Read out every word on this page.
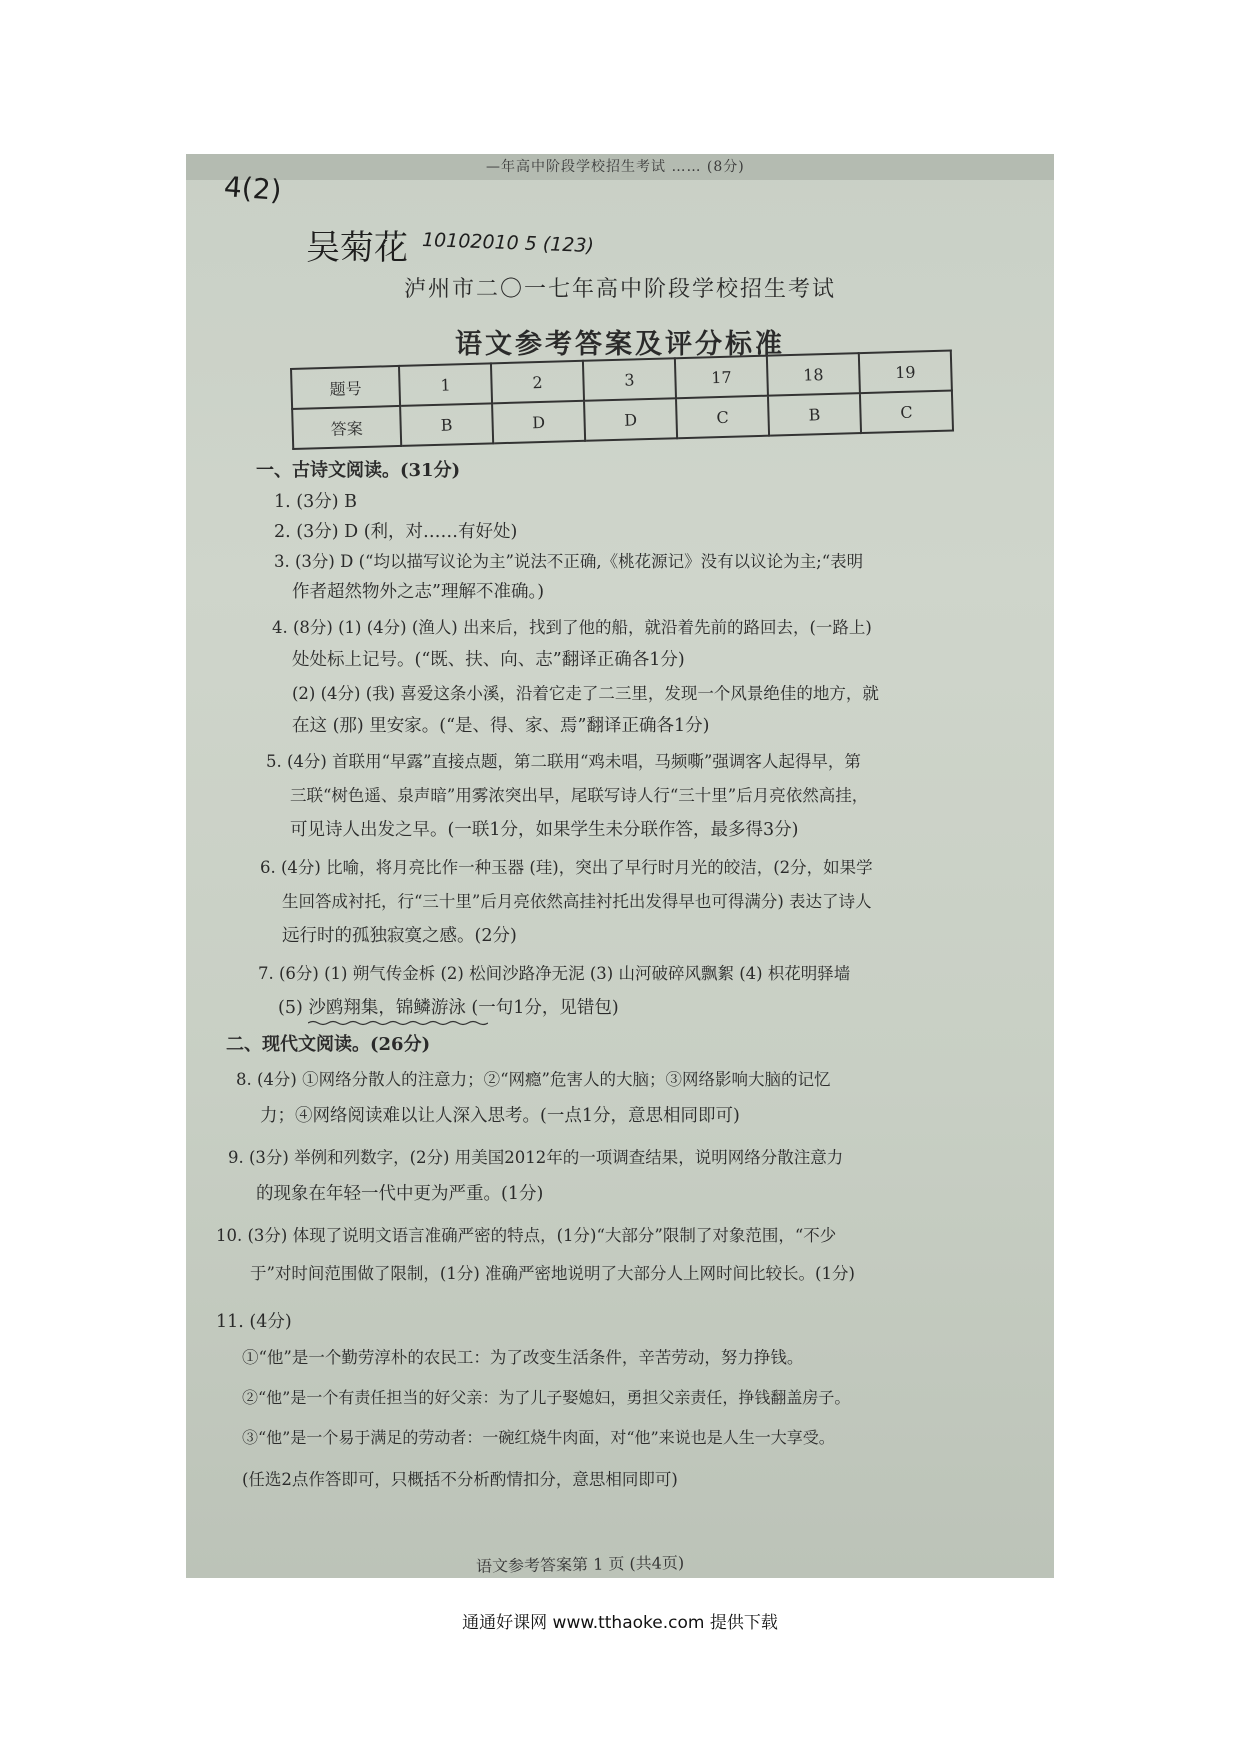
—年高中阶段学校招生考试 …… (8分)
4(2)
吴菊花 10102010 5 (123)
泸州市二〇一七年高中阶段学校招生考试
语文参考答案及评分标准
题号	1	2	3	17	18	19
答案	B	D	D	C	B	C
一、古诗文阅读。(31分)
1. (3分) B
2. (3分) D (利，对……有好处)
3. (3分) D (“均以描写议论为主”说法不正确,《桃花源记》没有以议论为主;“表明
作者超然物外之志”理解不准确。)
4. (8分) (1) (4分) (渔人) 出来后，找到了他的船，就沿着先前的路回去，(一路上)
处处标上记号。(“既、扶、向、志”翻译正确各1分)
(2) (4分) (我) 喜爱这条小溪，沿着它走了二三里，发现一个风景绝佳的地方，就
在这 (那) 里安家。(“是、得、家、焉”翻译正确各1分)
5. (4分) 首联用“早露”直接点题，第二联用“鸡未唱，马频嘶”强调客人起得早，第
三联“树色遥、泉声暗”用雾浓突出早，尾联写诗人行“三十里”后月亮依然高挂，
可见诗人出发之早。(一联1分，如果学生未分联作答，最多得3分)
6. (4分) 比喻，将月亮比作一种玉器 (珪)，突出了早行时月光的皎洁，(2分，如果学
生回答成衬托，行“三十里”后月亮依然高挂衬托出发得早也可得满分) 表达了诗人
远行时的孤独寂寞之感。(2分)
7. (6分) (1) 朔气传金柝 (2) 松间沙路净无泥 (3) 山河破碎风飘絮 (4) 枳花明驿墙
(5) 沙鸥翔集，锦鳞游泳 (一句1分，见错包)
二、现代文阅读。(26分)
8. (4分) ①网络分散人的注意力；②“网瘾”危害人的大脑；③网络影响大脑的记忆
力；④网络阅读难以让人深入思考。(一点1分，意思相同即可)
9. (3分) 举例和列数字，(2分) 用美国2012年的一项调查结果，说明网络分散注意力
的现象在年轻一代中更为严重。(1分)
10. (3分) 体现了说明文语言准确严密的特点，(1分)“大部分”限制了对象范围，“不少
于”对时间范围做了限制，(1分) 准确严密地说明了大部分人上网时间比较长。(1分)
11. (4分)
①“他”是一个勤劳淳朴的农民工：为了改变生活条件，辛苦劳动，努力挣钱。
②“他”是一个有责任担当的好父亲：为了儿子娶媳妇，勇担父亲责任，挣钱翻盖房子。
③“他”是一个易于满足的劳动者：一碗红烧牛肉面，对“他”来说也是人生一大享受。
(任选2点作答即可，只概括不分析酌情扣分，意思相同即可)
语文参考答案第 1 页 (共4页)
通通好课网 www.tthaoke.com 提供下载
